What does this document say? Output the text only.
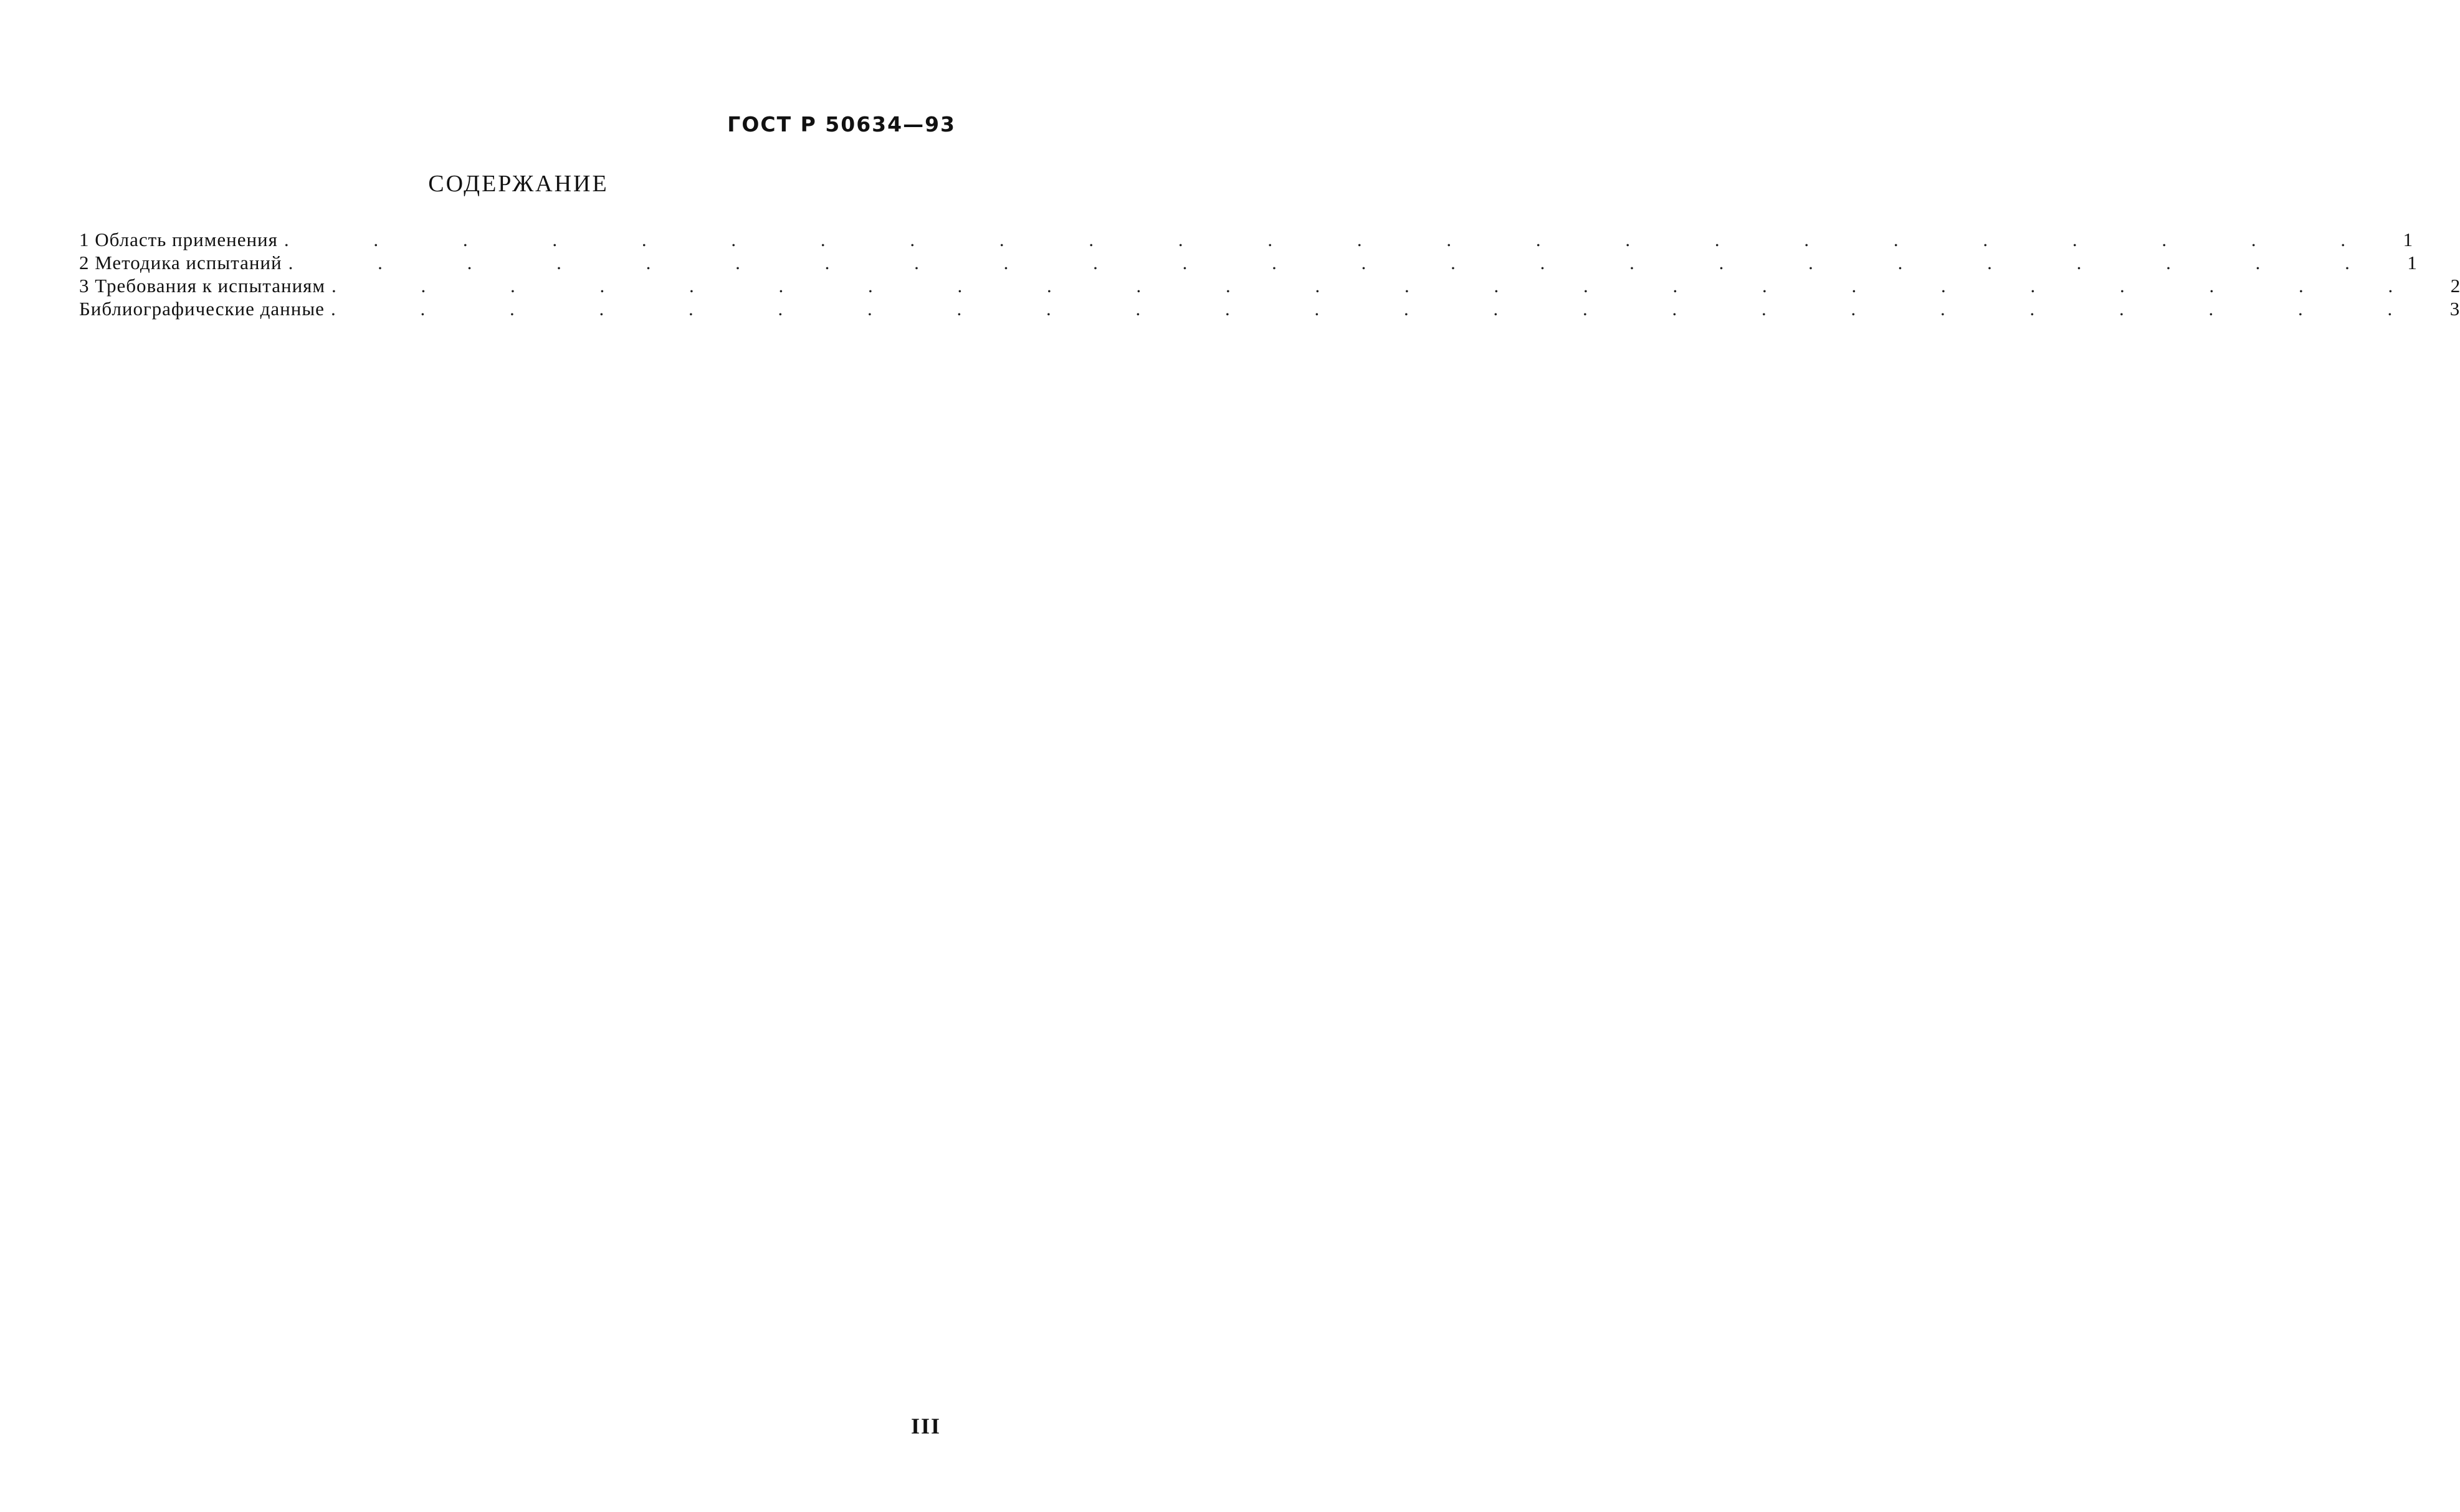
ГОСТ Р 50634—93
СОДЕРЖАНИЕ
1 Область применения . . . . . . . . . . . . . . . . . . . . . . . . 1
2 Методика испытаний . . . . . . . . . . . . . . . . . . . . . . . . 1
3 Требования к испытаниям . . . . . . . . . . . . . . . . . . . . . . . . 2
Библиографические данные . . . . . . . . . . . . . . . . . . . . . . . . 3
III
